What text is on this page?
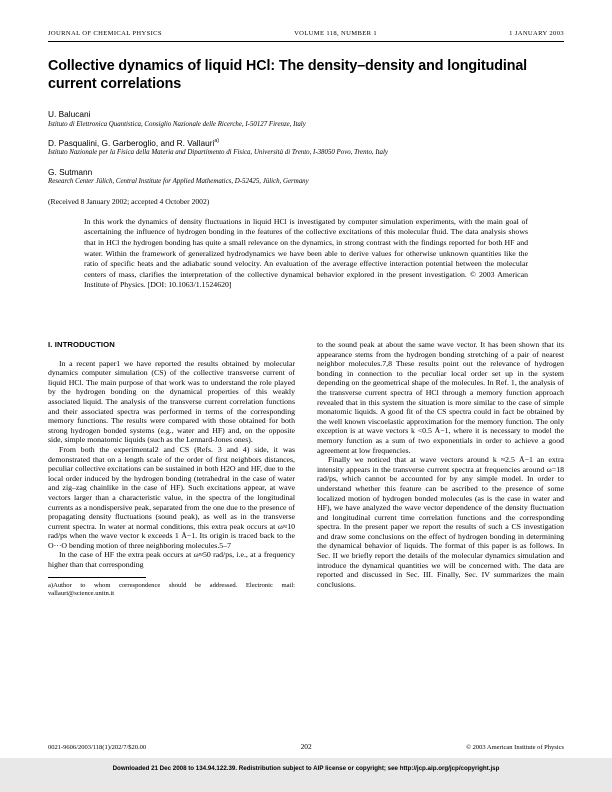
JOURNAL OF CHEMICAL PHYSICS	VOLUME 118, NUMBER 1	1 JANUARY 2003
Collective dynamics of liquid HCl: The density–density and longitudinal current correlations
U. Balucani
Istituto di Elettronica Quantistica, Consiglio Nazionale delle Ricerche, I-50127 Firenze, Italy
D. Pasqualini, G. Garberoglio, and R. Vallauri$^{a)}$
Istituto Nazionale per la Fisica della Materia and Dipartimento di Fisica, Università di Trento, I-38050 Povo, Trento, Italy
G. Sutmann
Research Center Jülich, Central Institute for Applied Mathematics, D-52425, Jülich, Germany
(Received 8 January 2002; accepted 4 October 2002)
In this work the dynamics of density fluctuations in liquid HCl is investigated by computer simulation experiments, with the main goal of ascertaining the influence of hydrogen bonding in the features of the collective excitations of this molecular fluid. The data analysis shows that in HCl the hydrogen bonding has quite a small relevance on the dynamics, in strong contrast with the findings reported for both HF and water. Within the framework of generalized hydrodynamics we have been able to derive values for otherwise unknown quantities like the ratio of specific heats and the adiabatic sound velocity. An evaluation of the average effective interaction potential between the molecular centers of mass, clarifies the interpretation of the collective dynamical behavior explored in the present investigation. © 2003 American Institute of Physics. [DOI: 10.1063/1.1524620]
I. INTRODUCTION

In a recent paper1 we have reported the results obtained by molecular dynamics computer simulation (CS) of the collective transverse current of liquid HCl. The main purpose of that work was to understand the role played by the hydrogen bonding on the dynamical properties of this weakly associated liquid. The analysis of the transverse current correlation functions and their associated spectra was performed in terms of the corresponding memory functions. The results were compared with those obtained for both strong hydrogen bonded systems (e.g., water and HF) and, on the opposite side, simple monatomic liquids (such as the Lennard-Jones ones).

From both the experimental2 and CS (Refs. 3 and 4) side, it was demonstrated that on a length scale of the order of first neighbors distances, peculiar collective excitations can be sustained in both H2O and HF, due to the local order induced by the hydrogen bonding (tetrahedral in the case of water and zig–zag chainlike in the case of HF). Such excitations appear, at wave vectors larger than a characteristic value, in the spectra of the longitudinal currents as a nondispersive peak, separated from the one due to the presence of propagating density fluctuations (sound peak), as well as in the transverse current spectra. In water at normal conditions, this extra peak occurs at ω≈10 rad/ps when the wave vector k exceeds 1 Å−1. Its origin is traced back to the O···O bending motion of three neighboring molecules.5–7

In the case of HF the extra peak occurs at ω≈50 rad/ps, i.e., at a frequency higher than that corresponding

a)Author to whom correspondence should be addressed. Electronic mail: vallauri@science.unitn.it

to the sound peak at about the same wave vector. It has been shown that its appearance stems from the hydrogen bonding stretching of a pair of nearest neighbor molecules.7,8 These results point out the relevance of hydrogen bonding in connection to the peculiar local order set up in the system depending on the geometrical shape of the molecules. In Ref. 1, the analysis of the transverse current spectra of HCl through a memory function approach revealed that in this system the situation is more similar to the case of simple monatomic liquids. A good fit of the CS spectra could in fact be obtained by the well known viscoelastic approximation for the memory function. The only exception is at wave vectors k <0.5 Å−1, where it is necessary to model the memory function as a sum of two exponentials in order to achieve a good agreement at low frequencies.

Finally we noticed that at wave vectors around k ≈2.5 Å−1 an extra intensity appears in the transverse current spectra at frequencies around ω=18 rad/ps, which cannot be accounted for by any simple model. In order to understand whether this feature can be ascribed to the presence of some localized motion of hydrogen bonded molecules (as is the case in water and HF), we have analyzed the wave vector dependence of the density fluctuation and longitudinal current time correlation functions and the corresponding spectra. In the present paper we report the results of such a CS investigation and draw some conclusions on the effect of hydrogen bonding in determining the dynamical behavior of liquids. The format of this paper is as follows. In Sec. II we briefly report the details of the molecular dynamics simulation and introduce the dynamical quantities we will be concerned with. The data are reported and discussed in Sec. III. Finally, Sec. IV summarizes the main conclusions.

0021-9606/2003/118(1)/202/7/$20.00	202	© 2003 American Institute of Physics
Downloaded 21 Dec 2008 to 134.94.122.39. Redistribution subject to AIP license or copyright; see http://jcp.aip.org/jcp/copyright.jsp
